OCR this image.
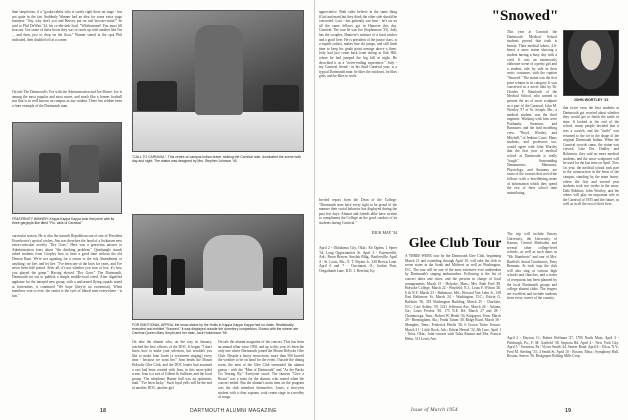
than skepticism, if a "gooka-rablist who is surely right there on stage - but not quite in the fan. Suddenly Wanner had an idea for some extra stage business. "Say, why don't you and Harvey put on real boxcars-mitts?" he said to Phil DeWint '34, his co-dte-fadr listd. "Whithotment! You must fill boxcars. Got some of these boots they sort of reach up with another like I'm ... and then, just to drop on the floor," Warner stared at the spot Phil indicated, then doubled off at a corner.
On tale The Dartmouth's Vox with the Administration and Joe Moore. Joe is among the most popular and most suave, and much like a former football star that is as well known on campus as any student. There has seldom been a finer example of the Dartmouth man.
FRATERNITY WINNER: Kappa Kappa Kappa took first prize with its three gargoyle-like titled "Fix- calls of Carnival."
curricular season. He is also the staunch Republican son of one of President Eisenhower's special wishes. Jim was therefore the head of a Jeckinsen new extra-curricular activity "Dry Goes." Here was a gracerous answer to Administration fears about "the drinking problem." Quadrangle stands asked students from Coopley how to have a good time without the old Demon Rum. We're not agitating for a return to the risk Amendment or anything: we live, and let live. "I've been one of the boys for years, and I've never been half potted. After all, it's not whether you won or lost, it's how you played the game." Having elected "Dry Goes," The Dartmouth, Dartmouth set out to publish a simple middle-road creed. After dignified applause for the intrepid new group, with a uniformed flying squads stated at fraternities, it continued "We hope [they're no extremists]. When members vote to ever, the center is the eyes of liberal men everywhere - is fast."
"CALL TO CARNIVAL": This centre-of-campus Indian brave, striking the Carnival note, dominated the scene both day and night. The statue was designed by Mrs. Stephen Johnson '40.
FOR EMOTIONAL APPEAL the snow statue by the Hollis in Kappa Kappa Kappa had no rivals. Realistically executed and entitled "Snowed," it was displayed outside the dormitory competition. Shown with the winner are Carnival Queen Mary Smyth and her date, Jack Hutchinson '55.
On take the alumni who, on the way in January, reached the best officers of the DOC. It began "I don't know how to make your selection, but wouldn't you like to make Jean Jones [a seventeen singing] every time - because we want her." Jean heads the Mount Holyoke Glee Club, and the DOC leader had assumed a cast had been created with Jean, in this snow-piled scene. Jean is a sort of Gilbert & Sullivan, and the local gossip. The telephone Hunter hall was an optimistic mail. "I've been lucky." Such loyal yells will be the end of another DOC, another girl.
On tale the alumni magazine of the concert. This has been an annual affair since 1950, and up to this year it's been the only one where Dartmouth joined the Mount Holyoke Glee Club. Despite a heavy snowstorm, more than 500 braved the weather to be on hand for the event. Outside the dining room, the men of the Glee Club serenaded the alumni guests - with the "Men of Dartmouth" and "As the Backs Go Tearing By." Everyone stood. The famous "Give a Rouse" was a must for the alumni, who roared when the concert ended. But the alumni's main item on the program was the club members themselves. Jones, a first-year student with a clear soprano, took center stage in a medley of songs.
18	DARTMOUTH ALUMNI MAGAZINE
appreciative. Both sides believe in the same thing (God and man) but they think the other side should be converted. Lost - has patiently sun beat - he's on on all the same fellows got in Hanover this day. Carnival. The tour he was Joe (Sophomore '35). Jody has the scruples, Hanover's mixture of a hard worker and a good liver. He is president of the junior class, is a superb soloist, makes fine ski jumps, and still finds time to keep his grade point average above a three. Jody had just come back from skiing at Oak Hill, where he had jumped the big hill at night. He described it as a "never-ending experience." Jody - my Carnival friend - in his third Carnival year, is a typical Dartmouth man: he likes the outdoors, he likes girls, and he likes to work.
Invited report from the Dean of the College: "Dartmouth men have every right to be proud of the manner their social behavior has displayed during the past few days. Alumni and friends alike have written to compliment the College on the good conduct of its students during Carnival."
DICK MAY '34
Glee Club Tour
A THREE-WEEK tour by the Dartmouth Glee Club, beginning March 21 and extending through April 10, will take the club to seven states in the South and Midwest as well as Washington, D.C. The tour will be one of the most extensive ever undertaken by Dartmouth's singing ambassadors. Following is the list of concert dates and cities, and the persons in charge of local arrangements: March 21 - Holyoke, Mass.; Mrs. Ruth Fred '49, Holyoke College. March 22 - Wayfield, N.J.; Louis F. Wilson '26, 6 th N.Y. March 23 - Baltimore, Md.; Howard Von Lehn Jr., 318 East Baltimore St. March 24 - Washington, D.C.; Edwin G. Baldwin '36, 318 Washington Building. March 25 - Charlotte, N.C.; Carl Ashley '39, 1421 Jefferson Ave. March 26 - Atlanta, Ga.; Louis Ferrera '38, 175 N.E. Rd. March 27 and 28 - Chattanooga, Tenn.; Robert W. Heath '34, Kingsport, Tenn. March 29 - Birmingham, Ala.; Frank Tatum '30, Ridge Road. March 30 - Memphis, Tenn.; Frederick Heelis '26, 6 Crown Tudor Terrace. March 31 - Little Rock, Ark.; Edwin Hensel '32, 8th Line. April 1 - Tulsa, Okla.; Joint concert with Tulsa Alumni and Mrs. Francis Helm, 311 Lewis Ave.
April 2 - Oklahoma City, Okla.; Ed Ogden, 1 Speer '34, Long Opportunities St. April 3 - Fayetteville, Ark.; Bruce Brewer, Sinclair Bldg., Bartlesville. April 4 - St. Louis, Mo.; E. T. Bryant Jr., 320 Brown Lane. April 6 and 7 - Cincinnati, O.; Jordan Pont, Oregaibanh Lane, R.D. 1, Beechal, Ky.
"Snowed"
This year at Carnival the Dartmouth Medical School students proved that truth is beauty. Their medical labors, 4,6-benzi, a snow statue showing a student having a busy day with a coed. It was an enormously elaborate scene of a pretty girl and a student, side by side in their arctic costumes, with the caption "Snowed." The statue was the first prize winner in its category. It was conceived as a novel idea by Dr. Charles F. Bamforth of the Medical School, who wanted to present the art of snow sculpture as a part of the Carnival. John M. Wortley '57 of St. Joseph, Mo., a medical student, was the chief engineer. Working with him were Fairbanks, Swanson, and Bannister, and the lead modeling crew, "Boyd, Wortley, and Mitchell," of Jenkins Court. Many students, and professors too, would agree with John Wortley that the first year of medical school at Dartmouth is really "tough." Surrounding Nanamonsos, Maronney, Physiology, and Anatomy are some of the courses that crowd the fellows with a bewildering maze of information which they spend the rest of their school time assimilating.
JOHN WORTLEY '22
that twice even the best students at Dartmouth got worried about whether they would get to finish the turtle in time. It looked at the end of the school, many people decided that it was a scratch, and the "turtle" was returned to the ice in the shape of the original Dartmouth Indian. When the Carnival crowds came, the statue was viewed. Like Drs. Dudley and Robinson, they said no more medical students, and the snow sculptures will be used for the last time on April. Now 1st year, the medical school took part in the construction in the heart of the campus, standing by the main house, where the first and second year students took two weeks in the snow. Dale Robbins, John Wortley, and the others will play an important role in the Carnival of 1955 and the future, as well as in all the rest of their lives.
The trip will include Emory University, the University of Kansas, Central Methodist and several other college-level schools, as well as such dates as "Mr. Humberto" and one of Mrs. Bartlett's choral Conductors, Pony Brennan. At each stop the club will also sing at various high schools and churches, and a series of receptions has been planned by the local Dartmouth groups and college alumni clubs. The singers are excellent and include students from every corner of the country.
April 2 - Dayton, O.; Robert Hoffman '27, 1700 North Main. April 3 - Pittsburgh, Pa.; F. M. Garfield '38, Sequoia Rd. April 4 - New York City. April 5 - Scranton, Pa.; Victor Smith '44, Seaver Road. April 6 - Utica, N.Y.; Fred M. Sterling '33, 4 Smith St. April 10 - Boston, Mass.; Symphony Hall, Boston; Seaver '36, Bridgeport Rolling Mills Corp.
Issue of March 1954	19
